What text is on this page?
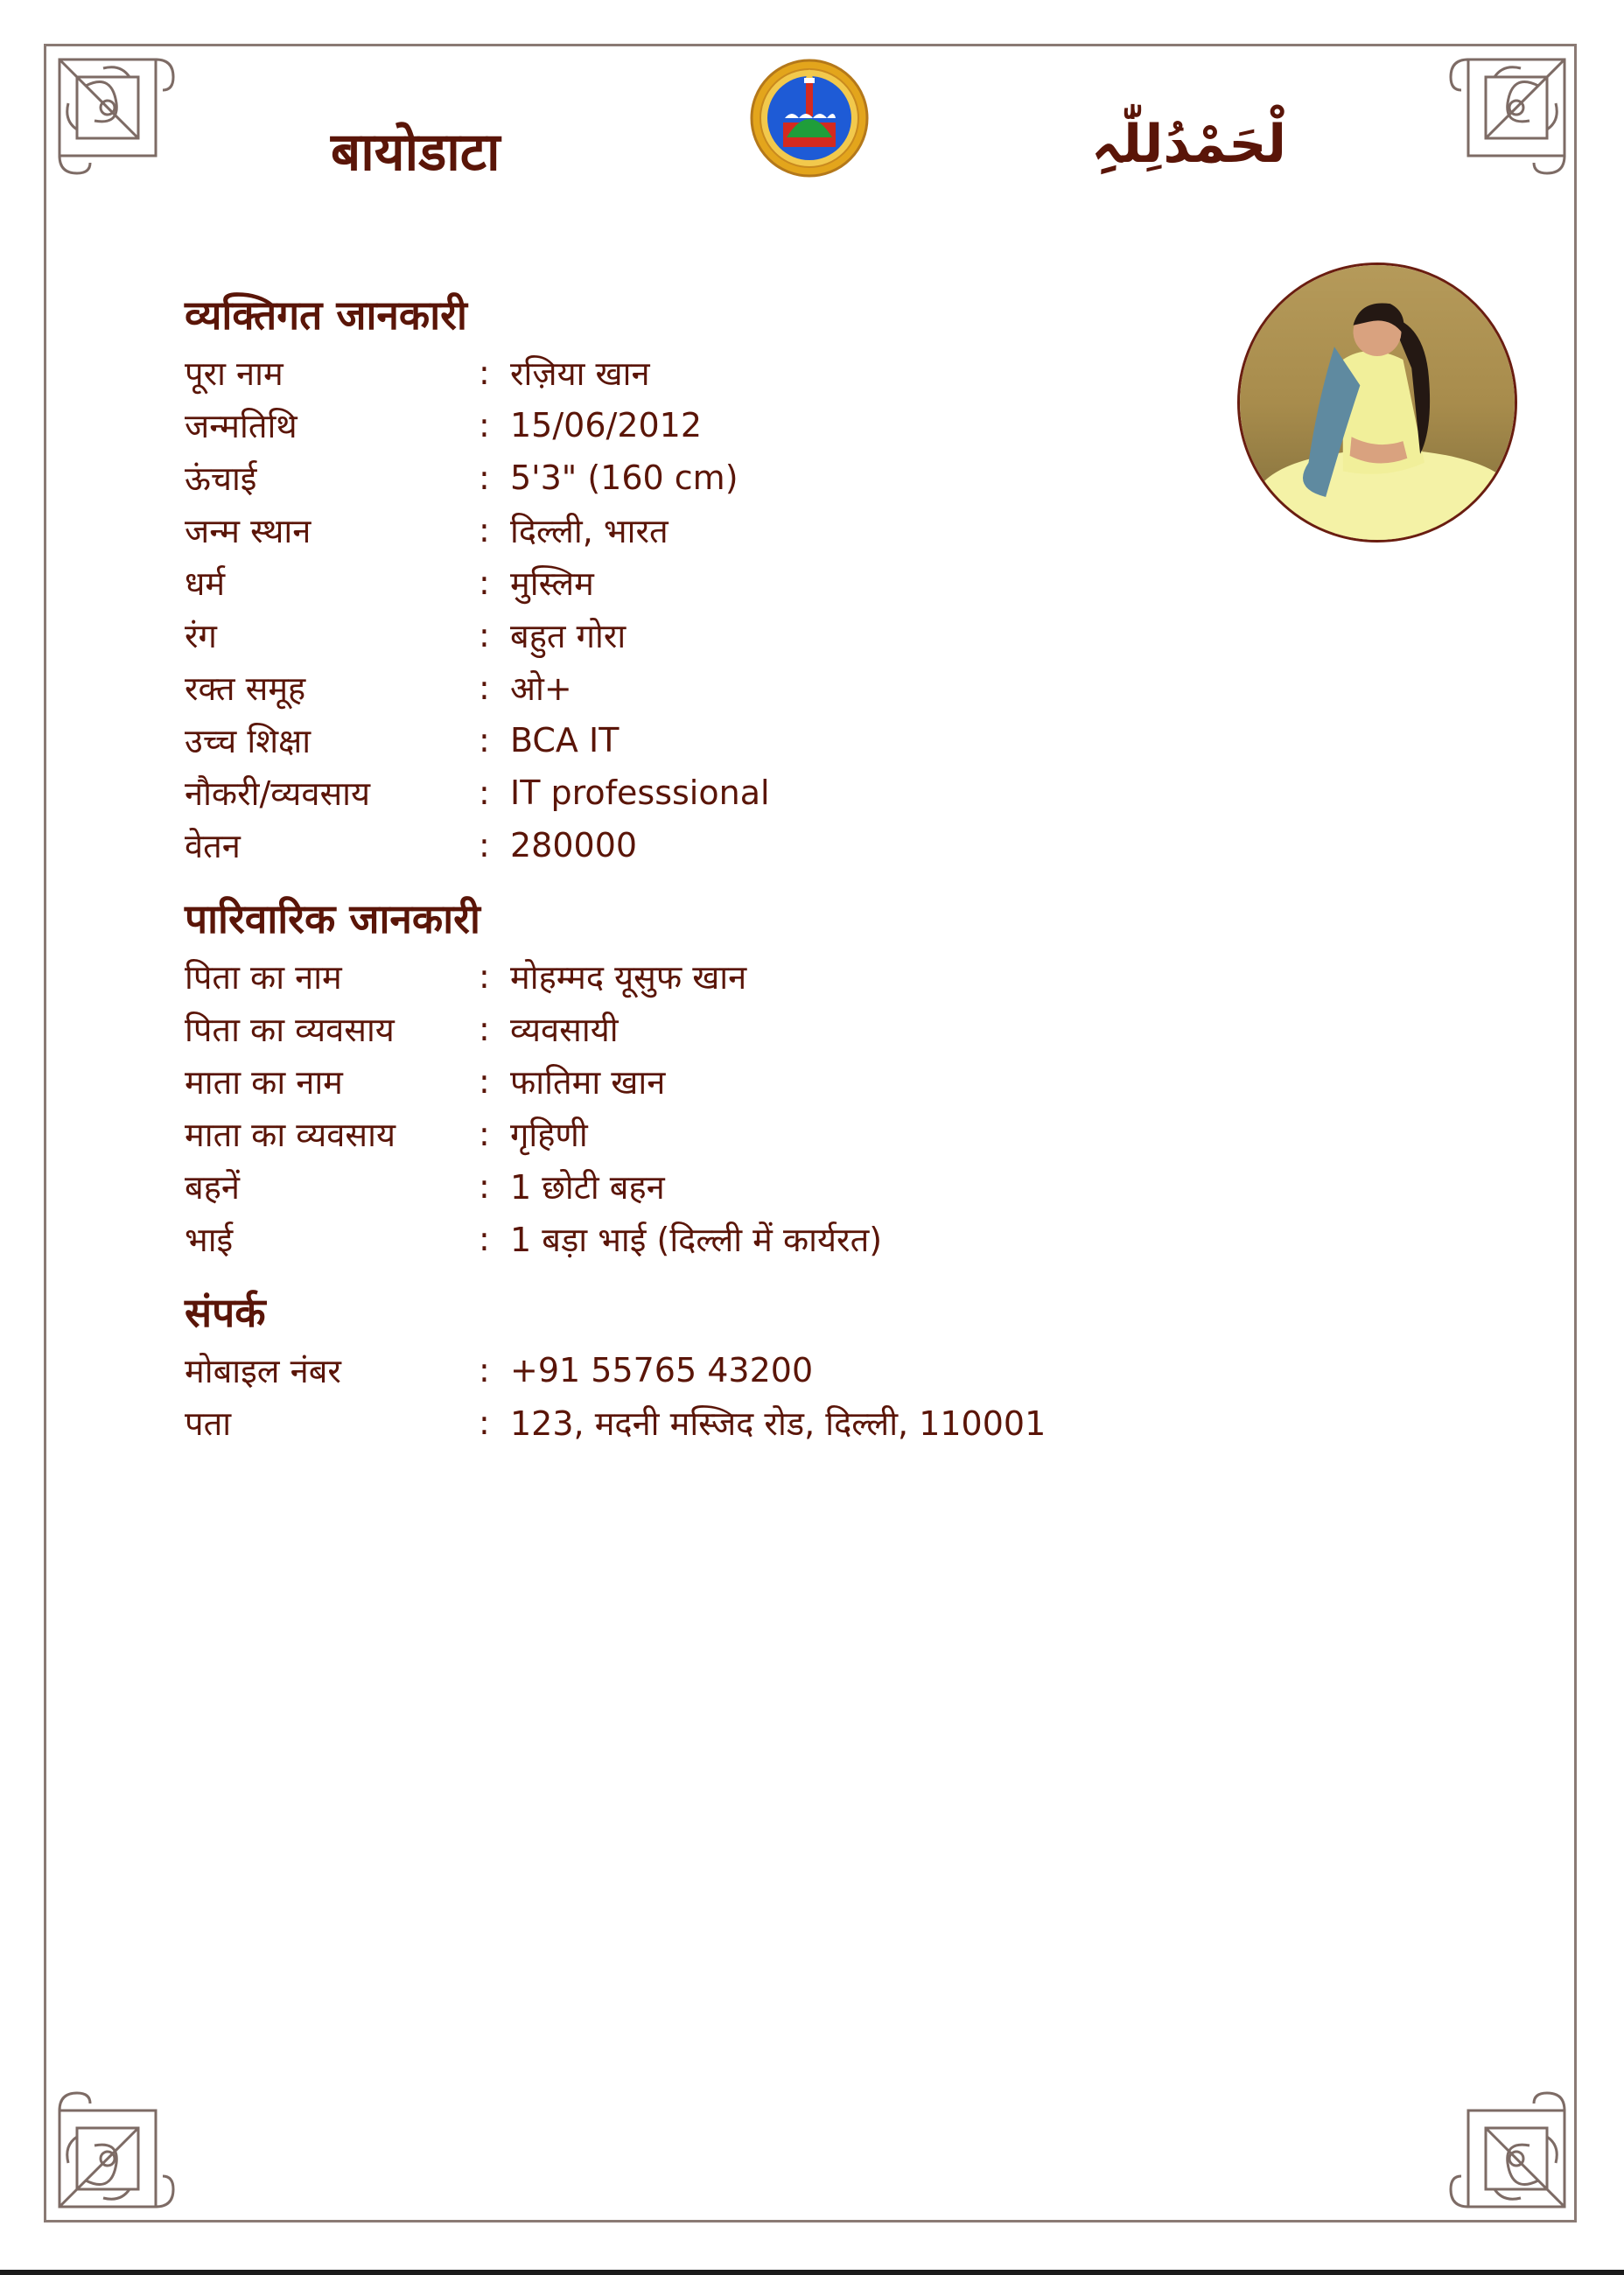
बायोडाटा	لْحَمْدُلِلّٰہِ
व्यक्तिगत जानकारी
पूरा नाम	: रज़िया खान
जन्मतिथि	: 15/06/2012
ऊंचाई	: 5'3" (160 cm)
जन्म स्थान	: दिल्ली, भारत
धर्म	: मुस्लिम
रंग	: बहुत गोरा
रक्त समूह	: ओ+
उच्च शिक्षा	: BCA IT
नौकरी/व्यवसाय	: IT professsional
वेतन	: 280000
पारिवारिक जानकारी
पिता का नाम	: मोहम्मद यूसुफ खान
पिता का व्यवसाय	: व्यवसायी
माता का नाम	: फातिमा खान
माता का व्यवसाय	: गृहिणी
बहनें	: 1 छोटी बहन
भाई	: 1 बड़ा भाई (दिल्ली में कार्यरत)
संपर्क
मोबाइल नंबर	: +91 55765 43200
पता	: 123, मदनी मस्जिद रोड, दिल्ली, 110001
